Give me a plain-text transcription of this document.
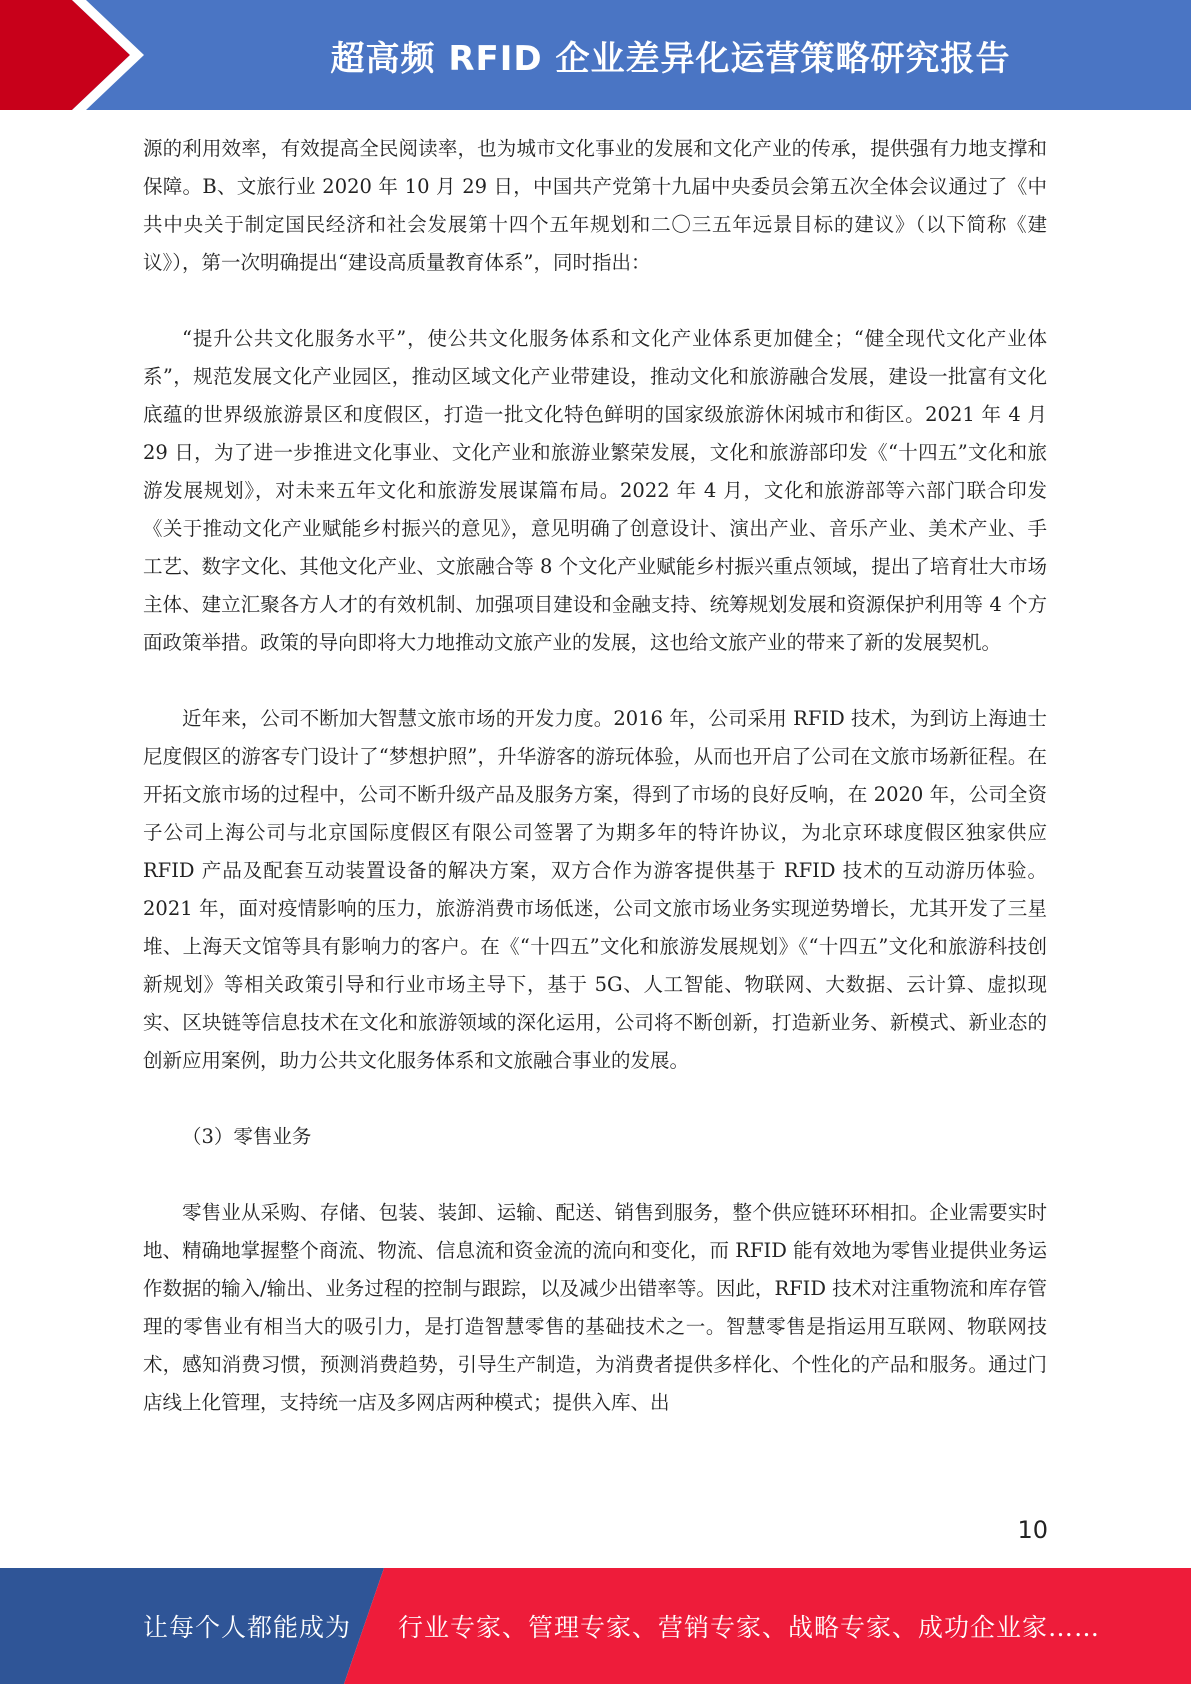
超高频 RFID 企业差异化运营策略研究报告

源的利用效率，有效提高全民阅读率，也为城市文化事业的发展和文化产业的传承，提供强有力地支撑和保障。B、文旅行业 2020 年 10 月 29 日，中国共产党第十九届中央委员会第五次全体会议通过了《中共中央关于制定国民经济和社会发展第十四个五年规划和二〇三五年远景目标的建议》（以下简称《建议》），第一次明确提出“建设高质量教育体系”，同时指出：

“提升公共文化服务水平”，使公共文化服务体系和文化产业体系更加健全；“健全现代文化产业体系”，规范发展文化产业园区，推动区域文化产业带建设，推动文化和旅游融合发展，建设一批富有文化底蕴的世界级旅游景区和度假区，打造一批文化特色鲜明的国家级旅游休闲城市和街区。2021 年 4 月 29 日，为了进一步推进文化事业、文化产业和旅游业繁荣发展，文化和旅游部印发《“十四五”文化和旅游发展规划》，对未来五年文化和旅游发展谋篇布局。2022 年 4 月，文化和旅游部等六部门联合印发《关于推动文化产业赋能乡村振兴的意见》，意见明确了创意设计、演出产业、音乐产业、美术产业、手工艺、数字文化、其他文化产业、文旅融合等 8 个文化产业赋能乡村振兴重点领域，提出了培育壮大市场主体、建立汇聚各方人才的有效机制、加强项目建设和金融支持、统筹规划发展和资源保护利用等 4 个方面政策举措。政策的导向即将大力地推动文旅产业的发展，这也给文旅产业的带来了新的发展契机。

近年来，公司不断加大智慧文旅市场的开发力度。2016 年，公司采用 RFID 技术，为到访上海迪士尼度假区的游客专门设计了“梦想护照”，升华游客的游玩体验，从而也开启了公司在文旅市场新征程。在开拓文旅市场的过程中，公司不断升级产品及服务方案，得到了市场的良好反响，在 2020 年，公司全资子公司上海公司与北京国际度假区有限公司签署了为期多年的特许协议，为北京环球度假区独家供应 RFID 产品及配套互动装置设备的解决方案，双方合作为游客提供基于 RFID 技术的互动游历体验。2021 年，面对疫情影响的压力，旅游消费市场低迷，公司文旅市场业务实现逆势增长，尤其开发了三星堆、上海天文馆等具有影响力的客户。在《“十四五”文化和旅游发展规划》《“十四五”文化和旅游科技创新规划》等相关政策引导和行业市场主导下，基于 5G、人工智能、物联网、大数据、云计算、虚拟现实、区块链等信息技术在文化和旅游领域的深化运用，公司将不断创新，打造新业务、新模式、新业态的创新应用案例，助力公共文化服务体系和文旅融合事业的发展。

（3）零售业务

零售业从采购、存储、包装、装卸、运输、配送、销售到服务，整个供应链环环相扣。企业需要实时地、精确地掌握整个商流、物流、信息流和资金流的流向和变化，而 RFID 能有效地为零售业提供业务运作数据的输入/输出、业务过程的控制与跟踪，以及减少出错率等。因此，RFID 技术对注重物流和库存管理的零售业有相当大的吸引力，是打造智慧零售的基础技术之一。智慧零售是指运用互联网、物联网技术，感知消费习惯，预测消费趋势，引导生产制造，为消费者提供多样化、个性化的产品和服务。通过门店线上化管理，支持统一店及多网店两种模式；提供入库、出

10
让每个人都能成为 行业专家、管理专家、营销专家、战略专家、成功企业家……
